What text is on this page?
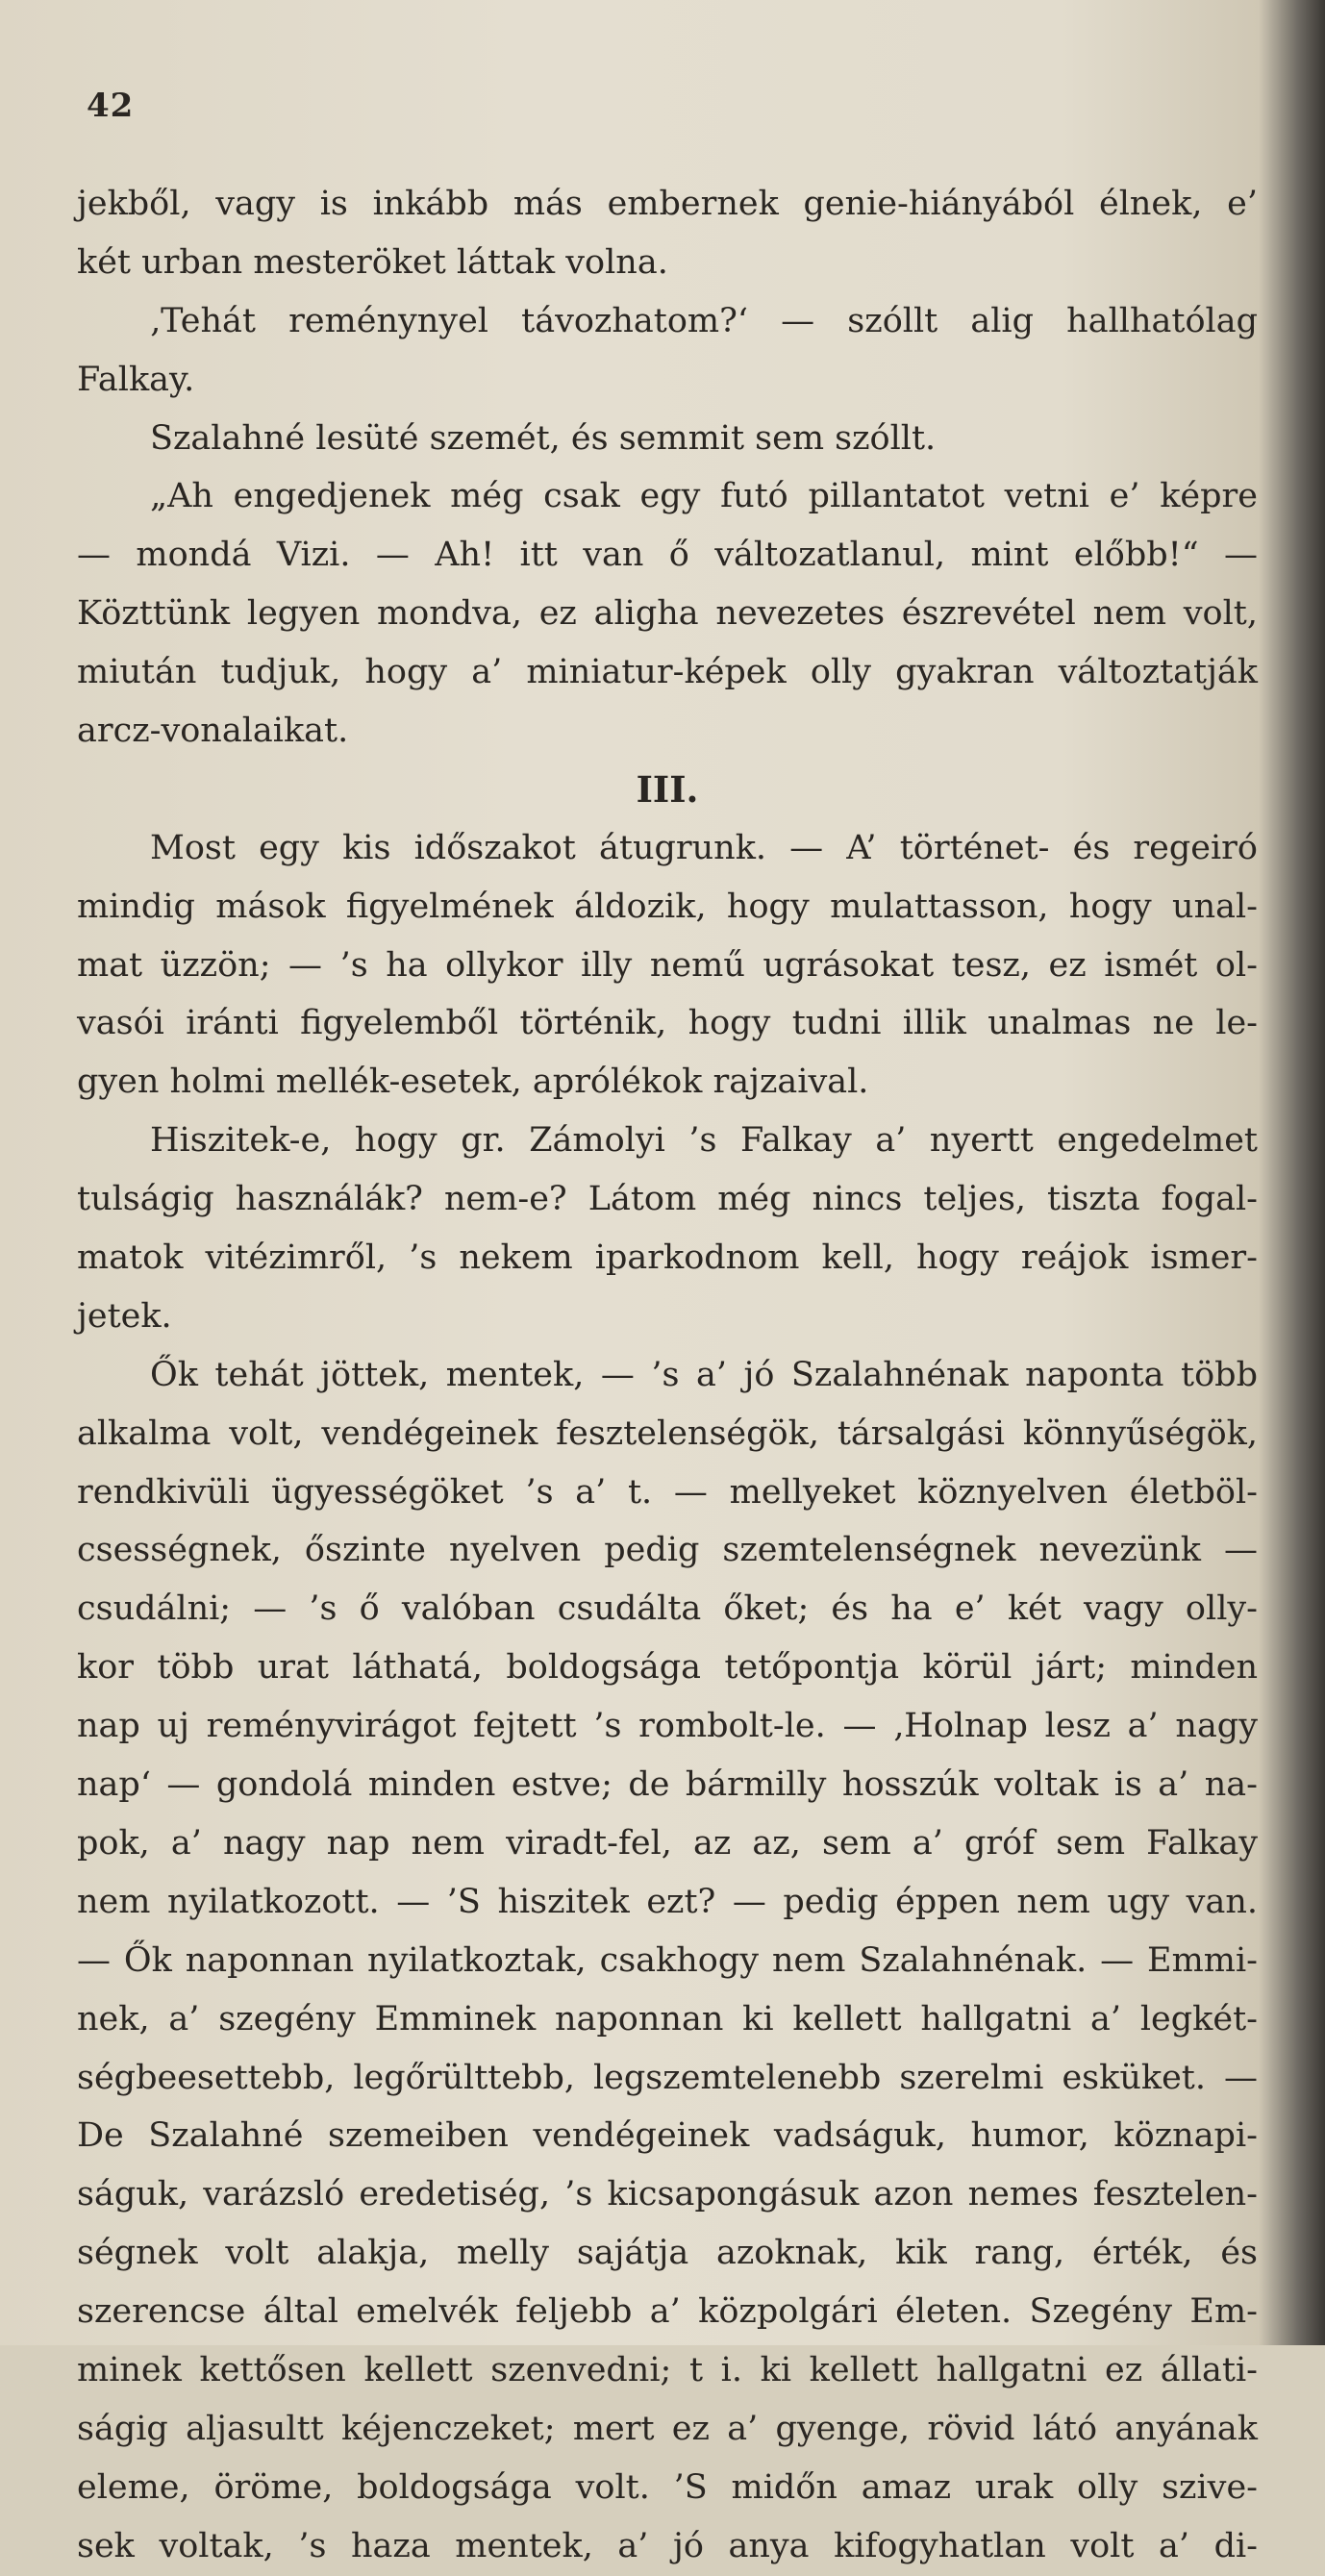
42
jekből, vagy is inkább más embernek genie-hiányából élnek, e’
két urban mesteröket láttak volna.
‚Tehát reménynyel távozhatom?‘ — szóllt alig hallhatólag
Falkay.
Szalahné lesüté szemét, és semmit sem szóllt.
„Ah engedjenek még csak egy futó pillantatot vetni e’ képre
— mondá Vizi. — Ah! itt van ő változatlanul, mint előbb!“ —
Közttünk legyen mondva, ez aligha nevezetes észrevétel nem volt,
miután tudjuk, hogy a’ miniatur-képek olly gyakran változtatják
arcz-vonalaikat.
III.
Most egy kis időszakot átugrunk. — A’ történet- és regeiró
mindig mások figyelmének áldozik, hogy mulattasson, hogy unal-
mat üzzön; — ’s ha ollykor illy nemű ugrásokat tesz, ez ismét ol-
vasói iránti figyelemből történik, hogy tudni illik unalmas ne le-
gyen holmi mellék-esetek, aprólékok rajzaival.
Hiszitek-e, hogy gr. Zámolyi ’s Falkay a’ nyertt engedelmet
tulságig használák? nem-e? Látom még nincs teljes, tiszta fogal-
matok vitézimről, ’s nekem iparkodnom kell, hogy reájok ismer-
jetek.
Ők tehát jöttek, mentek, — ’s a’ jó Szalahnénak naponta több
alkalma volt, vendégeinek fesztelenségök, társalgási könnyűségök,
rendkivüli ügyességöket ’s a’ t. — mellyeket köznyelven életböl-
csességnek, őszinte nyelven pedig szemtelenségnek nevezünk —
csudálni; — ’s ő valóban csudálta őket; és ha e’ két vagy olly-
kor több urat láthatá, boldogsága tetőpontja körül járt; minden
nap uj reményvirágot fejtett ’s rombolt-le. — ‚Holnap lesz a’ nagy
nap‘ — gondolá minden estve; de bármilly hosszúk voltak is a’ na-
pok, a’ nagy nap nem viradt-fel, az az, sem a’ gróf sem Falkay
nem nyilatkozott. — ’S hiszitek ezt? — pedig éppen nem ugy van.
— Ők naponnan nyilatkoztak, csakhogy nem Szalahnénak. — Emmi-
nek, a’ szegény Emminek naponnan ki kellett hallgatni a’ legkét-
ségbeesettebb, legőrülttebb, legszemtelenebb szerelmi esküket. —
De Szalahné szemeiben vendégeinek vadságuk, humor, köznapi-
ságuk, varázsló eredetiség, ’s kicsapongásuk azon nemes fesztelen-
ségnek volt alakja, melly sajátja azoknak, kik rang, érték, és
szerencse által emelvék feljebb a’ közpolgári életen. Szegény Em-
minek kettősen kellett szenvedni; t i. ki kellett hallgatni ez állati-
ságig aljasultt kéjenczeket; mert ez a’ gyenge, rövid látó anyának
eleme, öröme, boldogsága volt. ’S midőn amaz urak olly szive-
sek voltak, ’s haza mentek, a’ jó anya kifogyhatlan volt a’ di-
